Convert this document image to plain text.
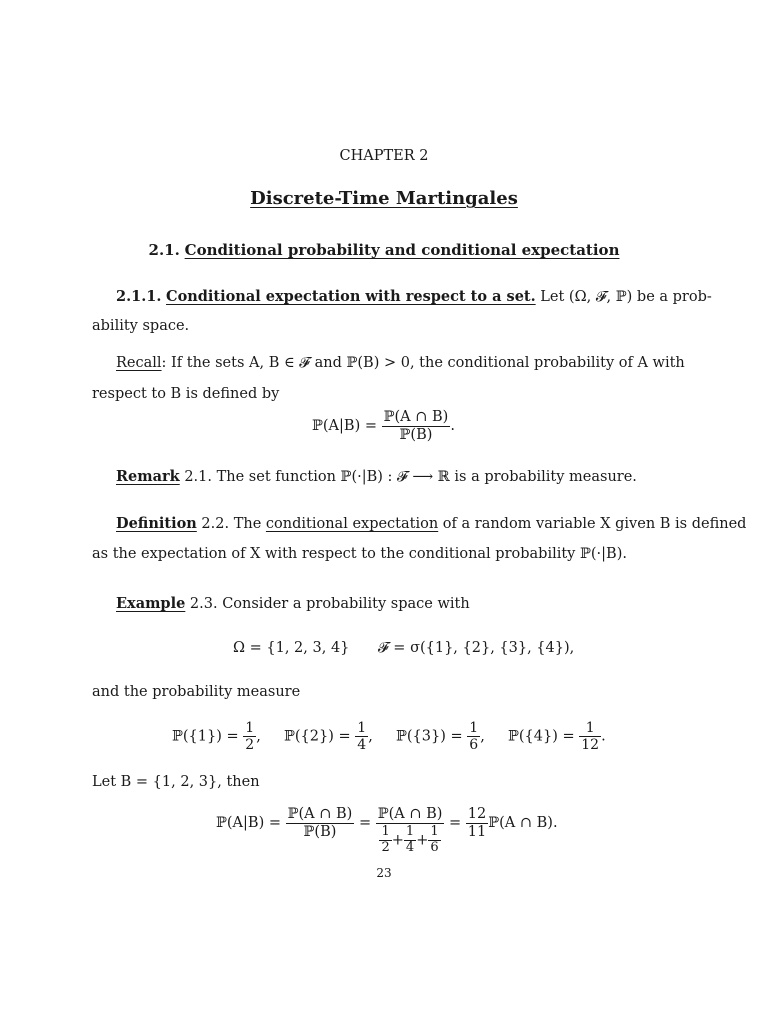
CHAPTER 2
Discrete-Time Martingales
2.1. Conditional probability and conditional expectation
2.1.1. Conditional expectation with respect to a set. Let (Ω, 𝓕, ℙ) be a prob-
ability space.
Recall: If the sets A, B ∈ 𝓕 and ℙ(B) > 0, the conditional probability of A with
respect to B is defined by
ℙ(A|B) = $\frac{\text{ℙ(A ∩ B)}}{\text{ℙ(B)}}$ .
Remark 2.1. The set function ℙ(·|B) : 𝓕 ⟶ ℝ is a probability measure.
Definition 2.2. The conditional expectation of a random variable X given B is defined
as the expectation of X with respect to the conditional probability ℙ(·|B).
Example 2.3. Consider a probability space with
Ω = {1, 2, 3, 4} 𝓕 = σ({1}, {2}, {3}, {4}),
and the probability measure
ℙ({1}) = $\frac{1}{2}$ , ℙ({2}) = $\frac{1}{4}$ , ℙ({3}) = $\frac{1}{6}$ , ℙ({4}) = $\frac{1}{12}$ .
Let B = {1, 2, 3}, then
ℙ(A|B) = $\frac{\text{ℙ(A ∩ B)}}{\text{ℙ(B)}}$ =
ℙ(A ∩ B)
$\frac{1}{2} + \frac{1}{4} + \frac{1}{6}$
= $\frac{12}{11}$ ℙ(A ∩ B).
23
